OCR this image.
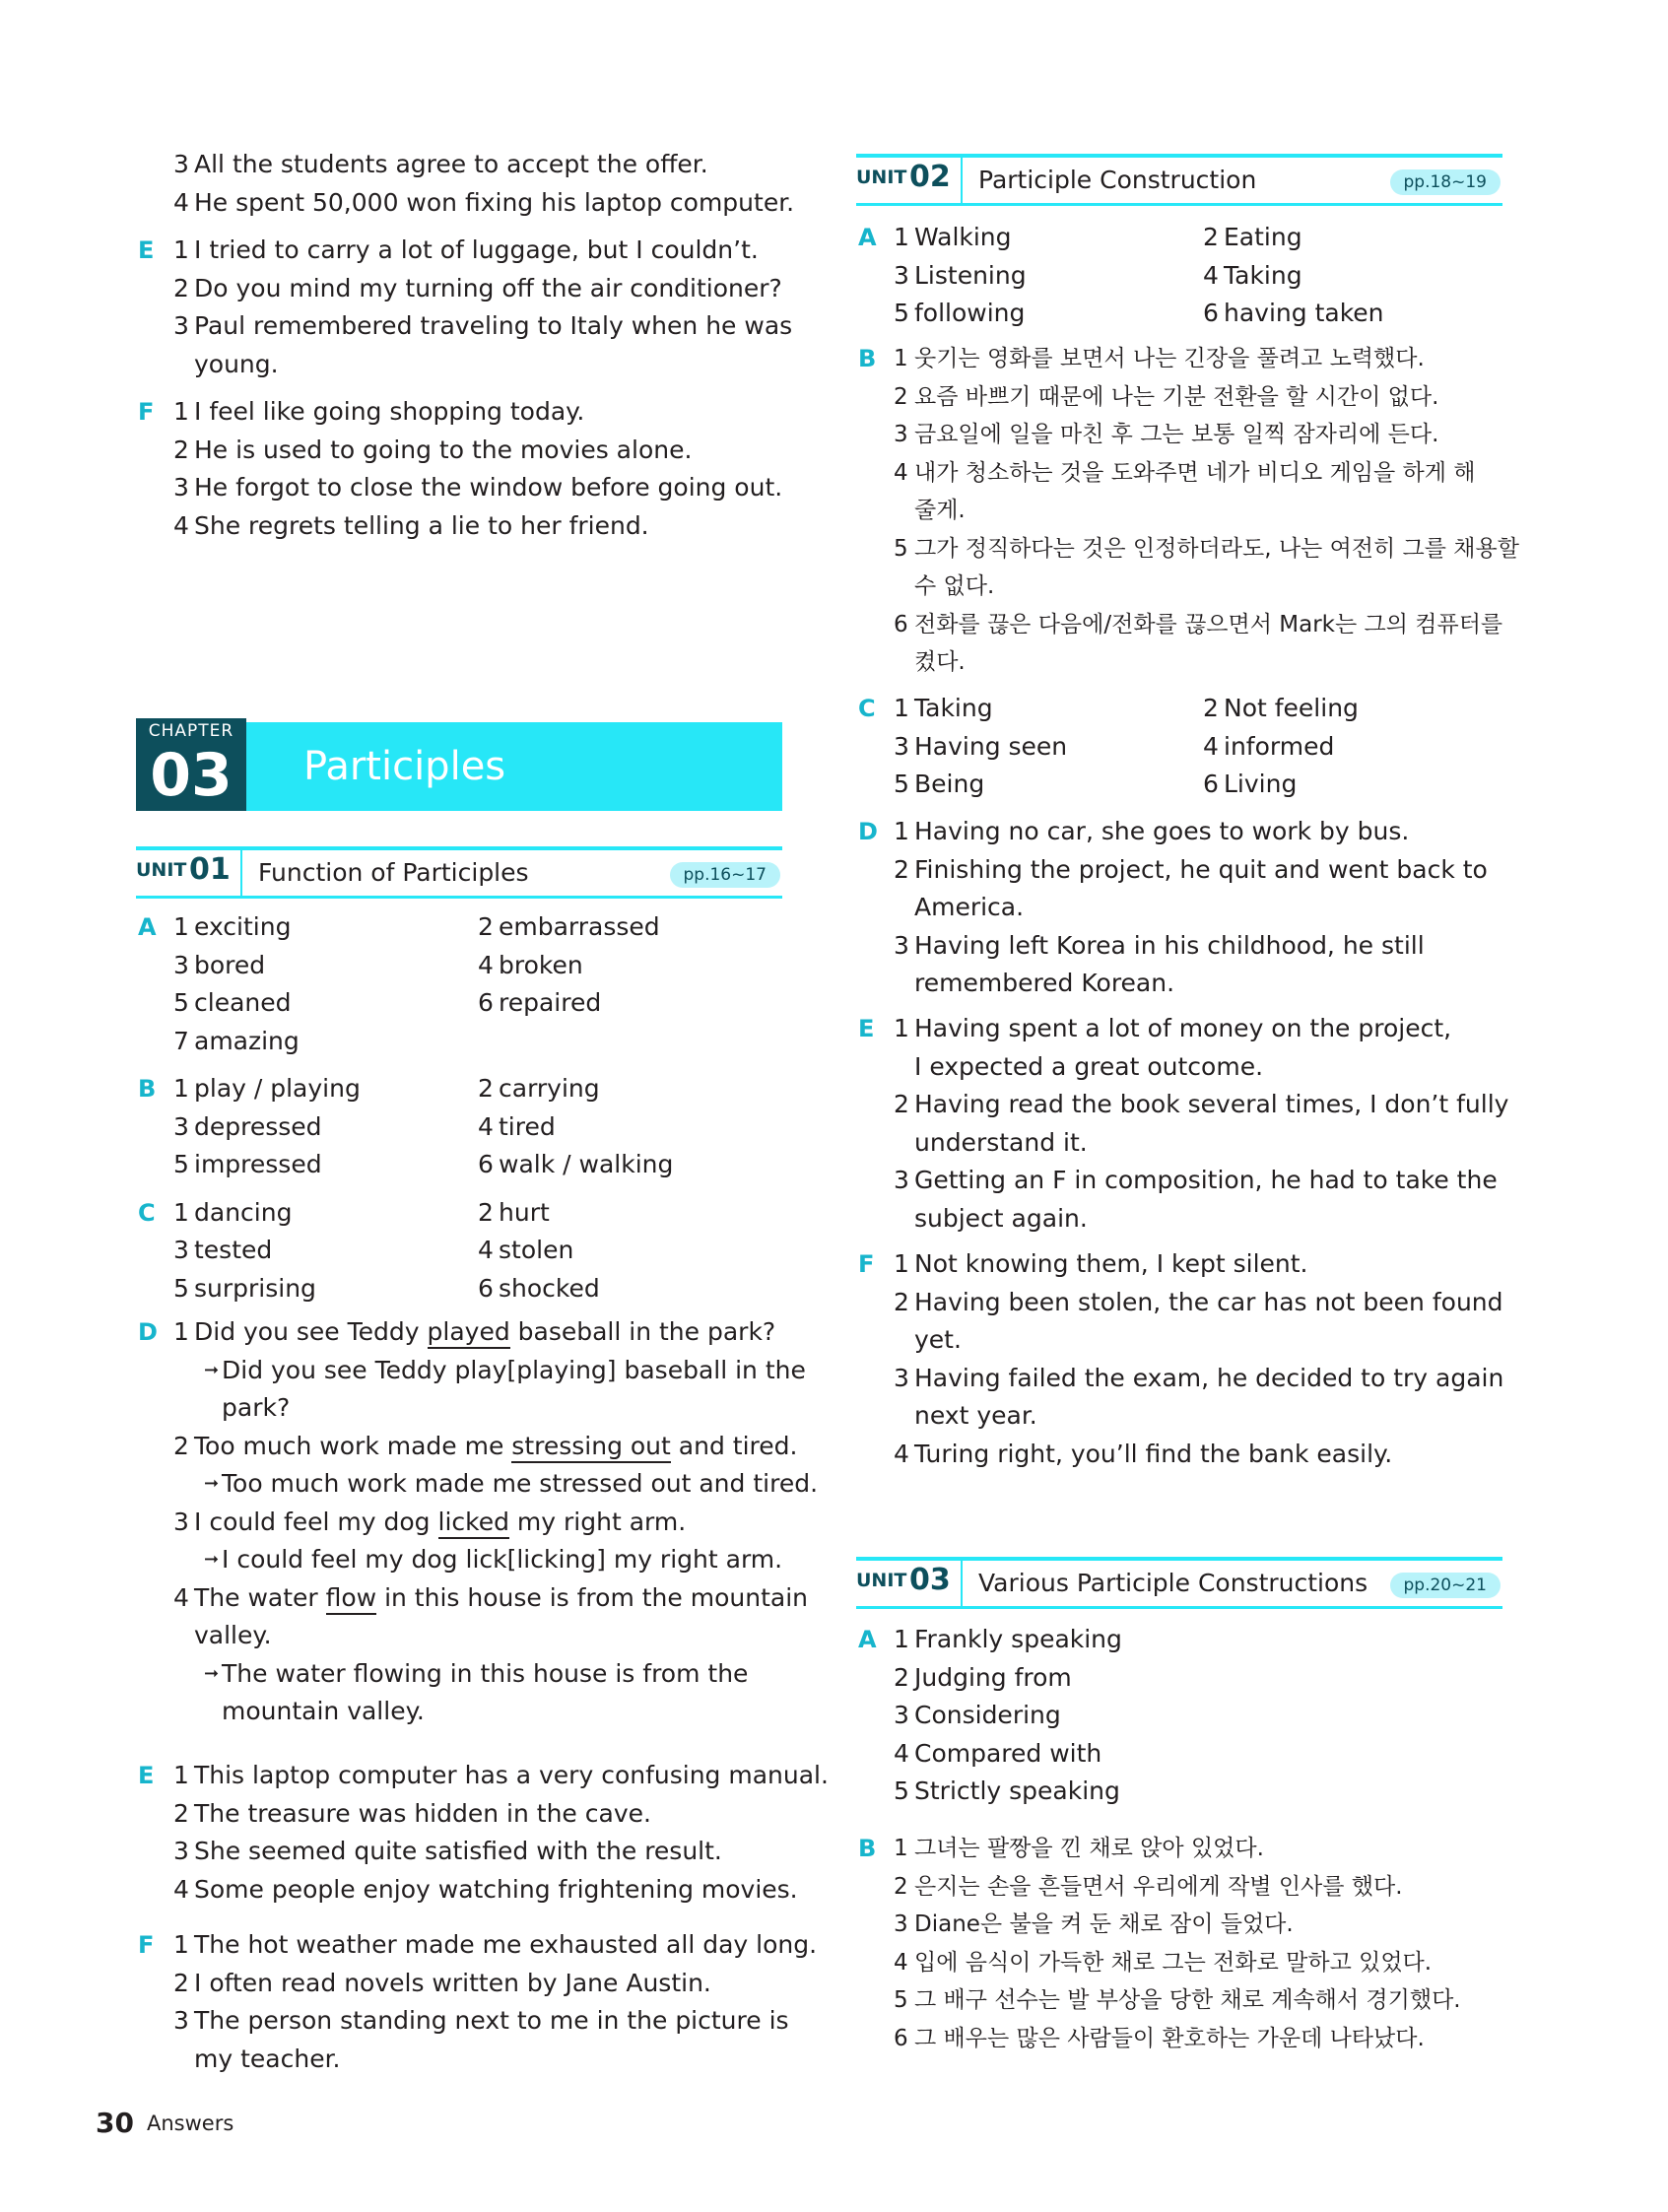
3 All the students agree to accept the offer.
4 He spent 50,000 won fixing his laptop computer.
E 1 I tried to carry a lot of luggage, but I couldn’t.
2 Do you mind my turning off the air conditioner?
3 Paul remembered traveling to Italy when he was
young.
F 1 I feel like going shopping today.
2 He is used to going to the movies alone.
3 He forgot to close the window before going out.
4 She regrets telling a lie to her friend.
A 1 exciting	2 embarrassed
3 bored	4 broken
5 cleaned	6 repaired
7 amazing
B 1 play / playing	2 carrying
3 depressed	4 tired
5 impressed	6 walk / walking
C 1 dancing	2 hurt
3 tested	4 stolen
5 surprising	6 shocked
D 1 Did you see Teddy played baseball in the park?
➞ Did you see Teddy play[playing] baseball in the
park?
2 Too much work made me stressing out and tired.
➞ Too much work made me stressed out and tired.
3 I could feel my dog licked my right arm.
➞ I could feel my dog lick[licking] my right arm.
4 The water flow in this house is from the mountain
valley.
➞ The water flowing in this house is from the
mountain valley.
E 1 This laptop computer has a very confusing manual.
2 The treasure was hidden in the cave.
3 She seemed quite satisfied with the result.
4 Some people enjoy watching frightening movies.
F 1 The hot weather made me exhausted all day long.
2 I often read novels written by Jane Austin.
3 The person standing next to me in the picture is
my teacher.
CHAPTER
03	Participles
UNIT 01 Function of Participles	pp.16~17
UNIT 02 Participle Construction	pp.18~19
UNIT 03 Various Participle Constructions	pp.20~21
A 1 Walking	2 Eating
3 Listening	4 Taking
5 following	6 having taken
B 1 웃기는 영화를 보면서 나는 긴장을 풀려고 노력했다.
2 요즘 바쁘기 때문에 나는 기분 전환을 할 시간이 없다.
3 금요일에 일을 마친 후 그는 보통 일찍 잠자리에 든다.
4 내가 청소하는 것을 도와주면 네가 비디오 게임을 하게 해
줄게.
5 그가 정직하다는 것은 인정하더라도, 나는 여전히 그를 채용할
수 없다.
6 전화를 끊은 다음에/전화를 끊으면서 Mark는 그의 컴퓨터를
켰다.
C 1 Taking	2 Not feeling
3 Having seen	4 informed
5 Being	6 Living
D 1 Having no car, she goes to work by bus.
2 Finishing the project, he quit and went back to
America.
3 Having left Korea in his childhood, he still
remembered Korean.
E 1 Having spent a lot of money on the project,
I expected a great outcome.
2 Having read the book several times, I don’t fully
understand it.
3 Getting an F in composition, he had to take the
subject again.
F 1 Not knowing them, I kept silent.
2 Having been stolen, the car has not been found
yet.
3 Having failed the exam, he decided to try again
next year.
4 Turing right, you’ll find the bank easily.
A 1 Frankly speaking
2 Judging from
3 Considering
4 Compared with
5 Strictly speaking
B 1 그녀는 팔짱을 낀 채로 앉아 있었다.
2 은지는 손을 흔들면서 우리에게 작별 인사를 했다.
3 Diane은 불을 켜 둔 채로 잠이 들었다.
4 입에 음식이 가득한 채로 그는 전화로 말하고 있었다.
5 그 배구 선수는 발 부상을 당한 채로 계속해서 경기했다.
6 그 배우는 많은 사람들이 환호하는 가운데 나타났다.
30 Answers
